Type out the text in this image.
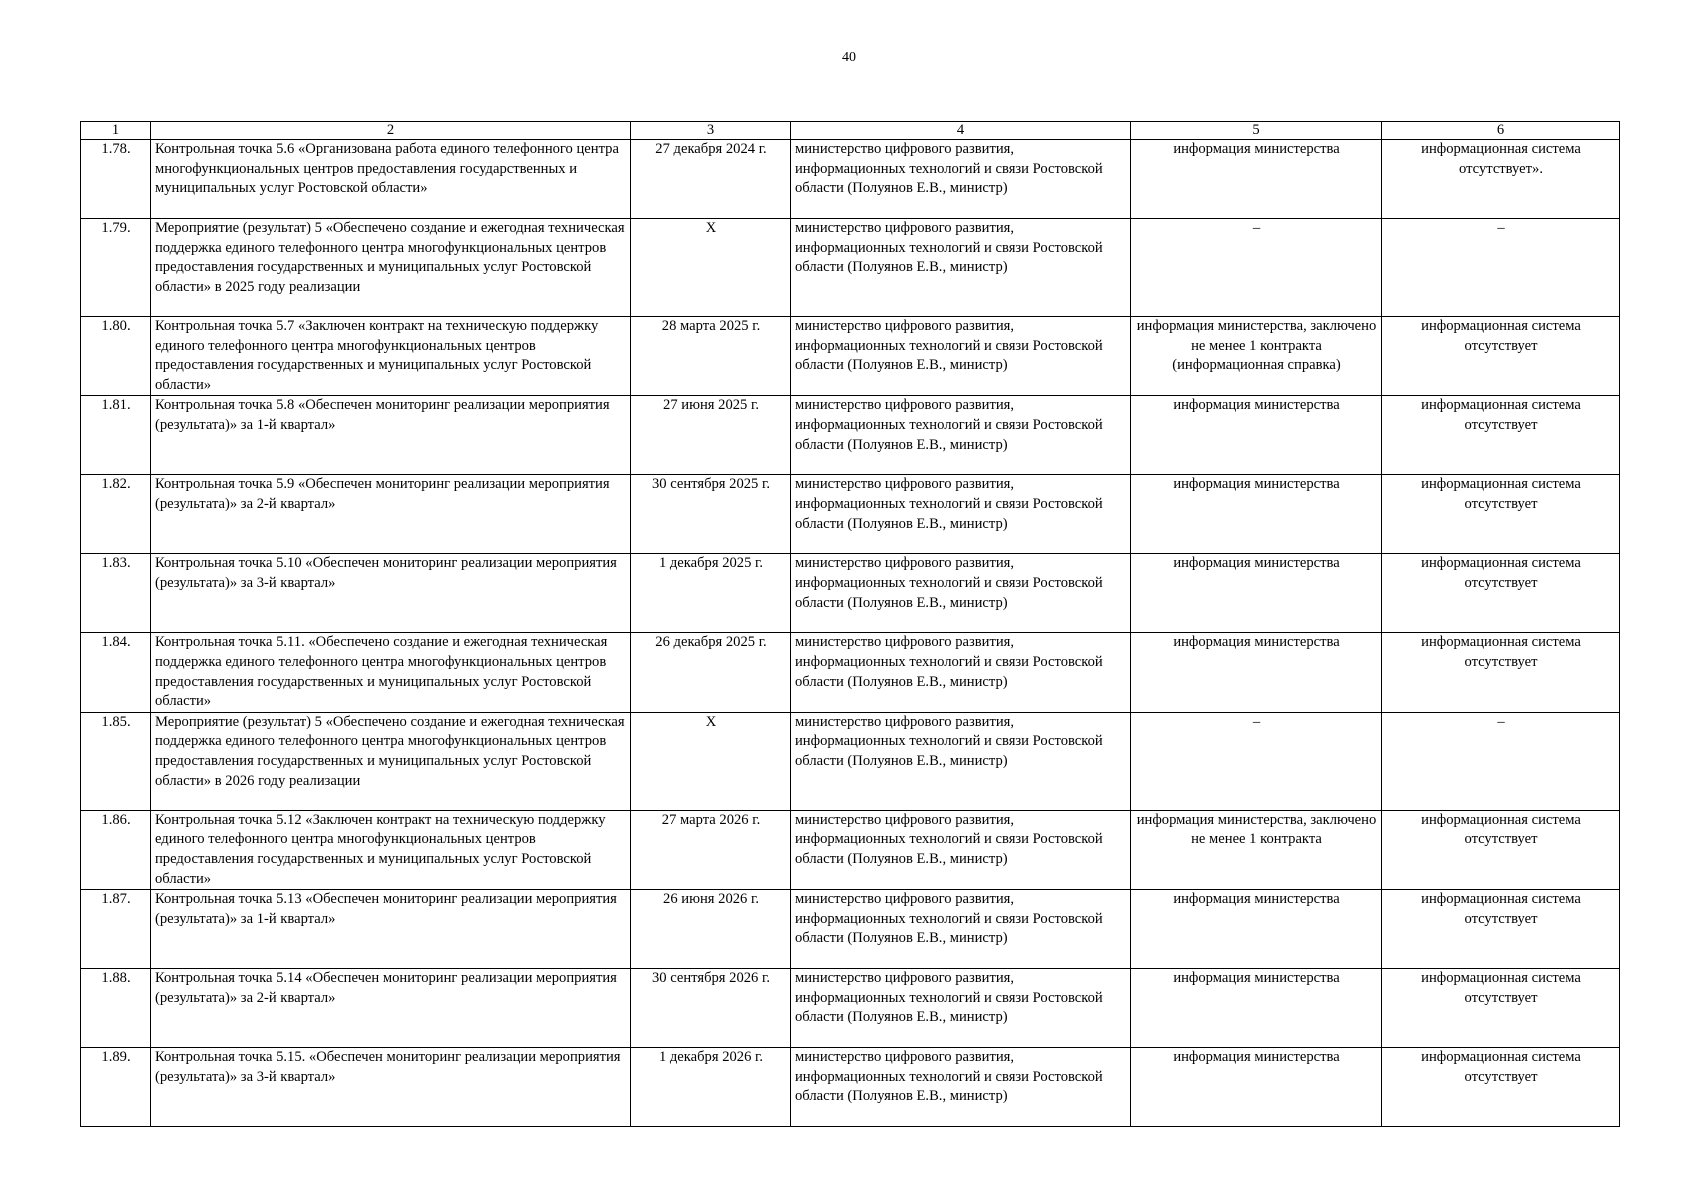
40
1	2	3	4	5	6
1.78.	Контрольная точка 5.6 «Организована работа единого телефонного центра многофункциональных центров предоставления государственных и муниципальных услуг Ростовской области»	27 декабря 2024 г.	министерство цифрового развития, информационных технологий и связи Ростовской области (Полуянов Е.В., министр)	информация министерства	информационная система отсутствует».
1.79.	Мероприятие (результат) 5 «Обеспечено создание и ежегодная техническая поддержка единого телефонного центра многофункциональных центров предоставления государственных и муниципальных услуг Ростовской области» в 2025 году реализации	Х	министерство цифрового развития, информационных технологий и связи Ростовской области (Полуянов Е.В., министр)	–	–
1.80.	Контрольная точка 5.7 «Заключен контракт на техническую поддержку единого телефонного центра многофункциональных центров предоставления государственных и муниципальных услуг Ростовской области»	28 марта 2025 г.	министерство цифрового развития, информационных технологий и связи Ростовской области (Полуянов Е.В., министр)	информация министерства, заключено не менее 1 контракта (информационная справка)	информационная система отсутствует
1.81.	Контрольная точка 5.8 «Обеспечен мониторинг реализации мероприятия (результата)» за 1-й квартал»	27 июня 2025 г.	министерство цифрового развития, информационных технологий и связи Ростовской области (Полуянов Е.В., министр)	информация министерства	информационная система отсутствует
1.82.	Контрольная точка 5.9 «Обеспечен мониторинг реализации мероприятия (результата)» за 2-й квартал»	30 сентября 2025 г.	министерство цифрового развития, информационных технологий и связи Ростовской области (Полуянов Е.В., министр)	информация министерства	информационная система отсутствует
1.83.	Контрольная точка 5.10 «Обеспечен мониторинг реализации мероприятия (результата)» за 3-й квартал»	1 декабря 2025 г.	министерство цифрового развития, информационных технологий и связи Ростовской области (Полуянов Е.В., министр)	информация министерства	информационная система отсутствует
1.84.	Контрольная точка 5.11. «Обеспечено создание и ежегодная техническая поддержка единого телефонного центра многофункциональных центров предоставления государственных и муниципальных услуг Ростовской области»	26 декабря 2025 г.	министерство цифрового развития, информационных технологий и связи Ростовской области (Полуянов Е.В., министр)	информация министерства	информационная система отсутствует
1.85.	Мероприятие (результат) 5 «Обеспечено создание и ежегодная техническая поддержка единого телефонного центра многофункциональных центров предоставления государственных и муниципальных услуг Ростовской области» в 2026 году реализации	Х	министерство цифрового развития, информационных технологий и связи Ростовской области (Полуянов Е.В., министр)	–	–
1.86.	Контрольная точка 5.12 «Заключен контракт на техническую поддержку единого телефонного центра многофункциональных центров предоставления государственных и муниципальных услуг Ростовской области»	27 марта 2026 г.	министерство цифрового развития, информационных технологий и связи Ростовской области (Полуянов Е.В., министр)	информация министерства, заключено не менее 1 контракта	информационная система отсутствует
1.87.	Контрольная точка 5.13 «Обеспечен мониторинг реализации мероприятия (результата)» за 1-й квартал»	26 июня 2026 г.	министерство цифрового развития, информационных технологий и связи Ростовской области (Полуянов Е.В., министр)	информация министерства	информационная система отсутствует
1.88.	Контрольная точка 5.14 «Обеспечен мониторинг реализации мероприятия (результата)» за 2-й квартал»	30 сентября 2026 г.	министерство цифрового развития, информационных технологий и связи Ростовской области (Полуянов Е.В., министр)	информация министерства	информационная система отсутствует
1.89.	Контрольная точка 5.15. «Обеспечен мониторинг реализации мероприятия (результата)» за 3-й квартал»	1 декабря 2026 г.	министерство цифрового развития, информационных технологий и связи Ростовской области (Полуянов Е.В., министр)	информация министерства	информационная система отсутствует
